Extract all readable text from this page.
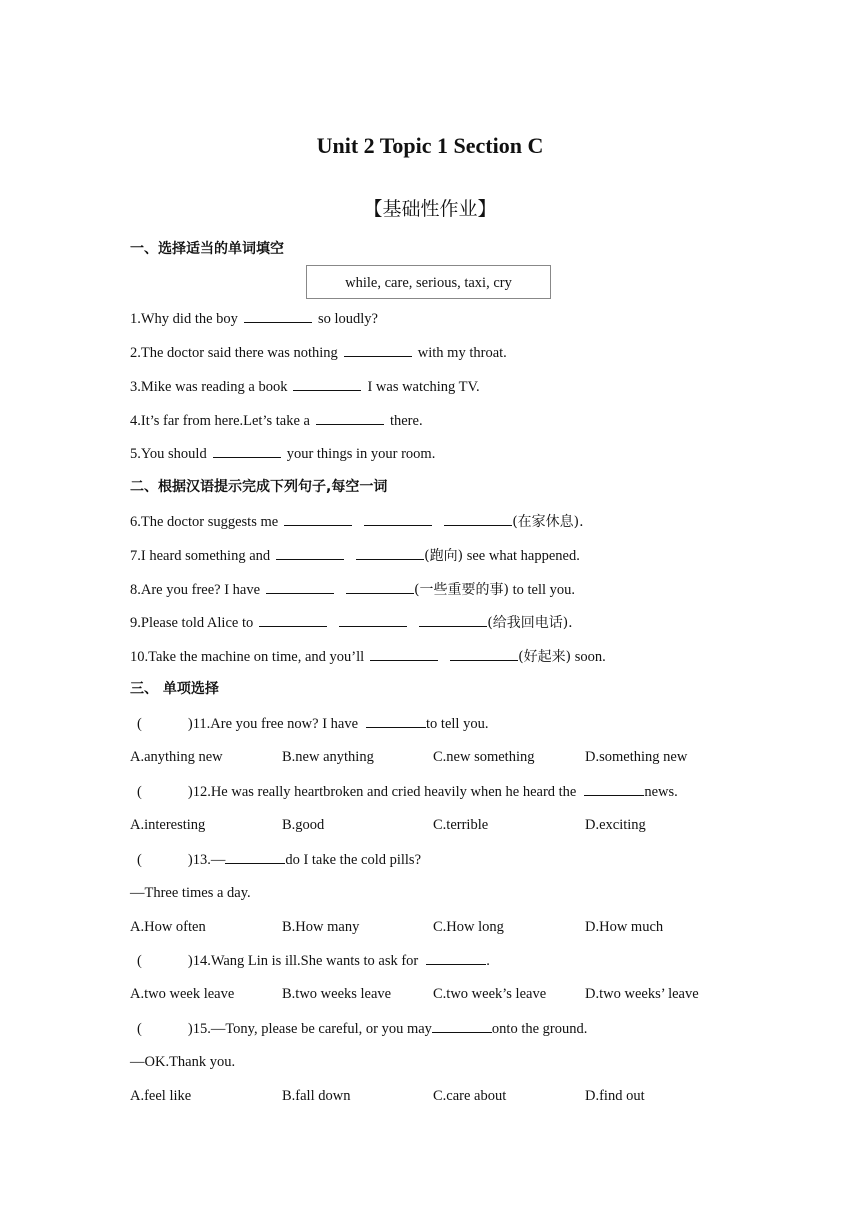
Unit 2 Topic 1 Section C
【基础性作业】
一、选择适当的单词填空
while, care, serious, taxi, cry
1.Why did the boy	so loudly?
2.The doctor said there was nothing	with my throat.
3.Mike was reading a book	I was watching TV.
4.It’s far from here.Let’s take a	there.
5.You should	your things in your room.
二、根据汉语提示完成下列句子,每空一词
6.The doctor suggests me	(在家休息).
7.I heard something and	(跑向) see what happened.
8.Are you free? I have	(一些重要的事) to tell you.
9.Please told Alice to	(给我回电话).
10.Take the machine on time, and you’ll	(好起来) soon.
三、 单项选择
(	)11.Are you free now? I have	to tell you.
A.anything new	B.new anything	C.new something	D.something new
(	)12.He was really heartbroken and cried heavily when he heard the	news.
A.interesting	B.good	C.terrible	D.exciting
(	)13.—	do I take the cold pills?
—Three times a day.
A.How often	B.How many	C.How long	D.How much
(	)14.Wang Lin is ill.She wants to ask for	.
A.two week leave	B.two weeks leave	C.two week’s leave	D.two weeks’ leave
(	)15.—Tony, please be careful, or you may	onto the ground.
—OK.Thank you.
A.feel like	B.fall down	C.care about	D.find out
